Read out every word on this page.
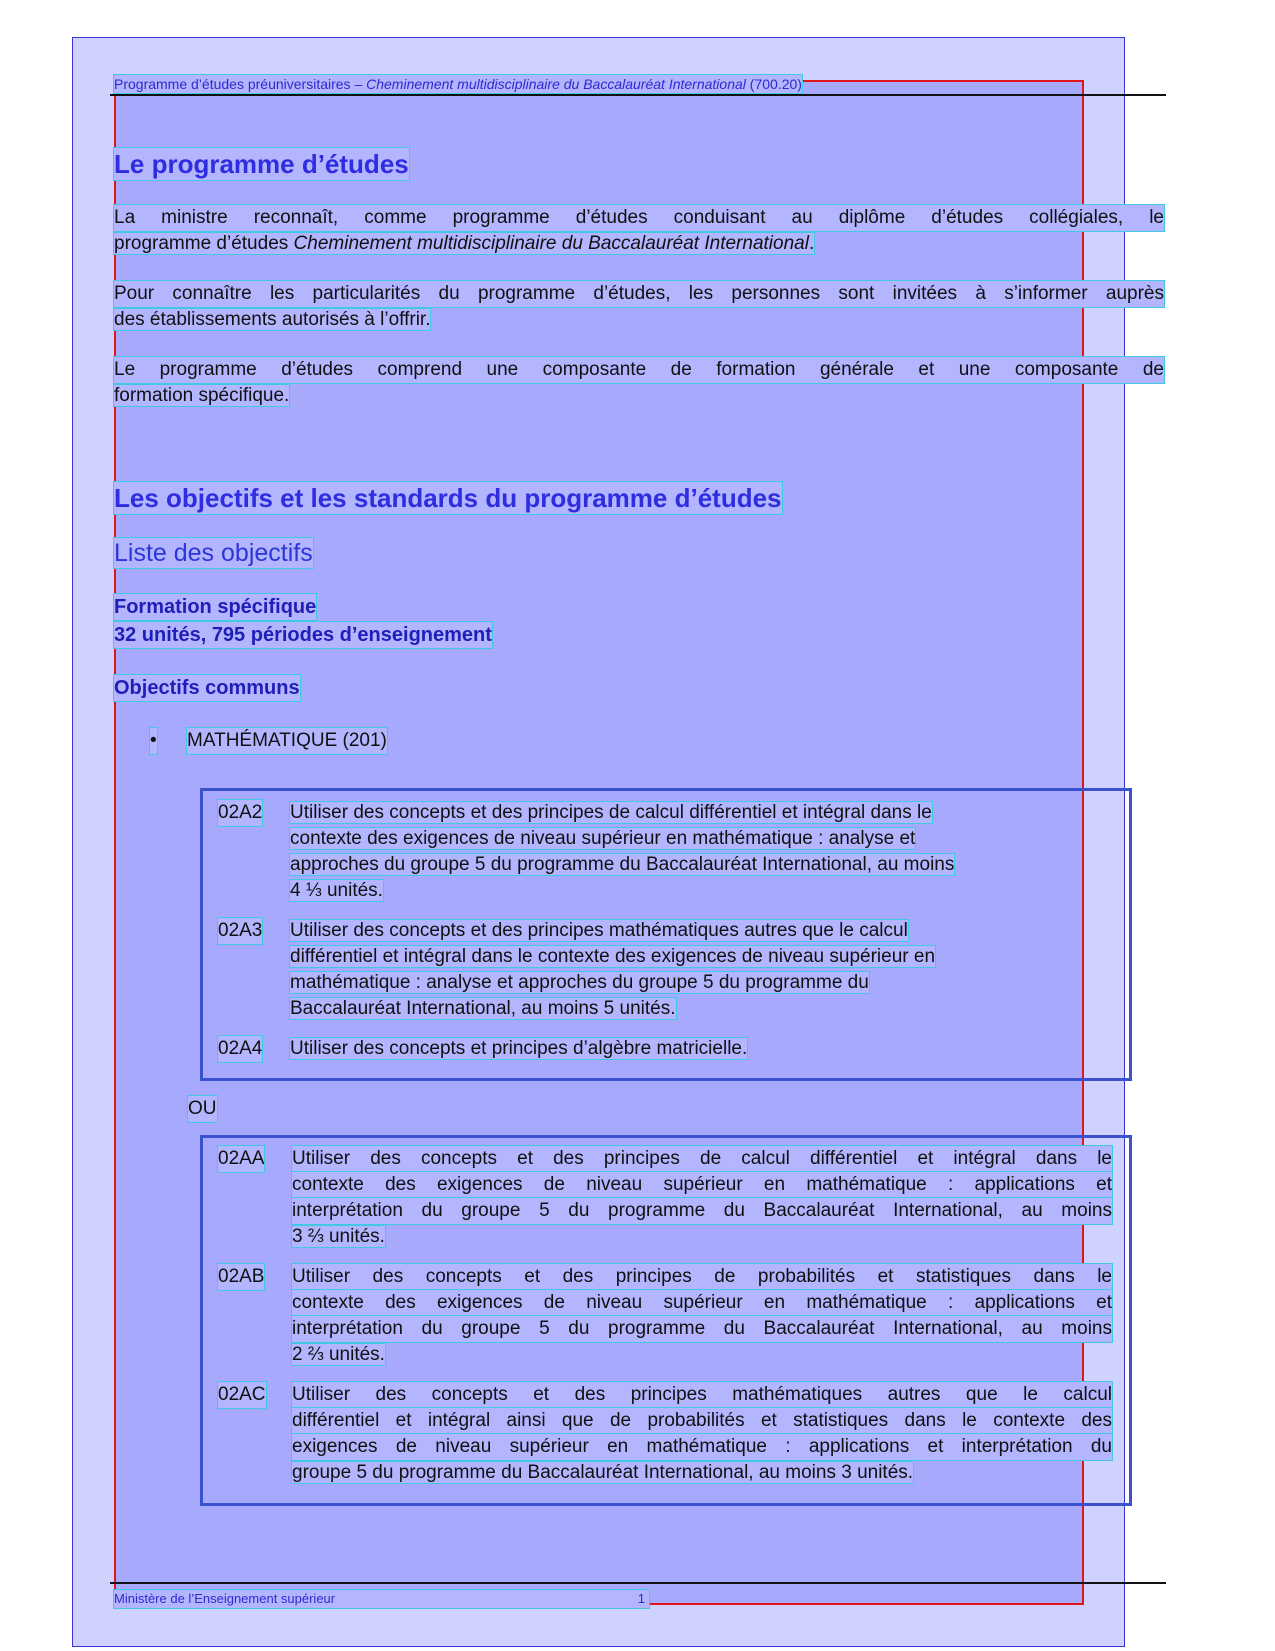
Programme d’études préuniversitaires – Cheminement multidisciplinaire du Baccalauréat International (700.20)
Le programme d’études
La ministre reconnaît, comme programme d’études conduisant au diplôme d’études collégiales, le
programme d’études Cheminement multidisciplinaire du Baccalauréat International.
Pour connaître les particularités du programme d’études, les personnes sont invitées à s’informer auprès
des établissements autorisés à l’offrir.
Le programme d’études comprend une composante de formation générale et une composante de
formation spécifique.
Les objectifs et les standards du programme d’études
Liste des objectifs
Formation spécifique
32 unités, 795 périodes d’enseignement
Objectifs communs
• MATHÉMATIQUE (201)
02A2 Utiliser des concepts et des principes de calcul différentiel et intégral dans le
contexte des exigences de niveau supérieur en mathématique : analyse et
approches du groupe 5 du programme du Baccalauréat International, au moins
4 ⅓ unités.
02A3 Utiliser des concepts et des principes mathématiques autres que le calcul
différentiel et intégral dans le contexte des exigences de niveau supérieur en
mathématique : analyse et approches du groupe 5 du programme du
Baccalauréat International, au moins 5 unités.
02A4 Utiliser des concepts et principes d’algèbre matricielle.
OU
02AA Utiliser des concepts et des principes de calcul différentiel et intégral dans le
contexte des exigences de niveau supérieur en mathématique : applications et
interprétation du groupe 5 du programme du Baccalauréat International, au moins
3 ⅔ unités.
02AB Utiliser des concepts et des principes de probabilités et statistiques dans le
contexte des exigences de niveau supérieur en mathématique : applications et
interprétation du groupe 5 du programme du Baccalauréat International, au moins
2 ⅔ unités.
02AC Utiliser des concepts et des principes mathématiques autres que le calcul
différentiel et intégral ainsi que de probabilités et statistiques dans le contexte des
exigences de niveau supérieur en mathématique : applications et interprétation du
groupe 5 du programme du Baccalauréat International, au moins 3 unités.
Ministère de l’Enseignement supérieur	1
